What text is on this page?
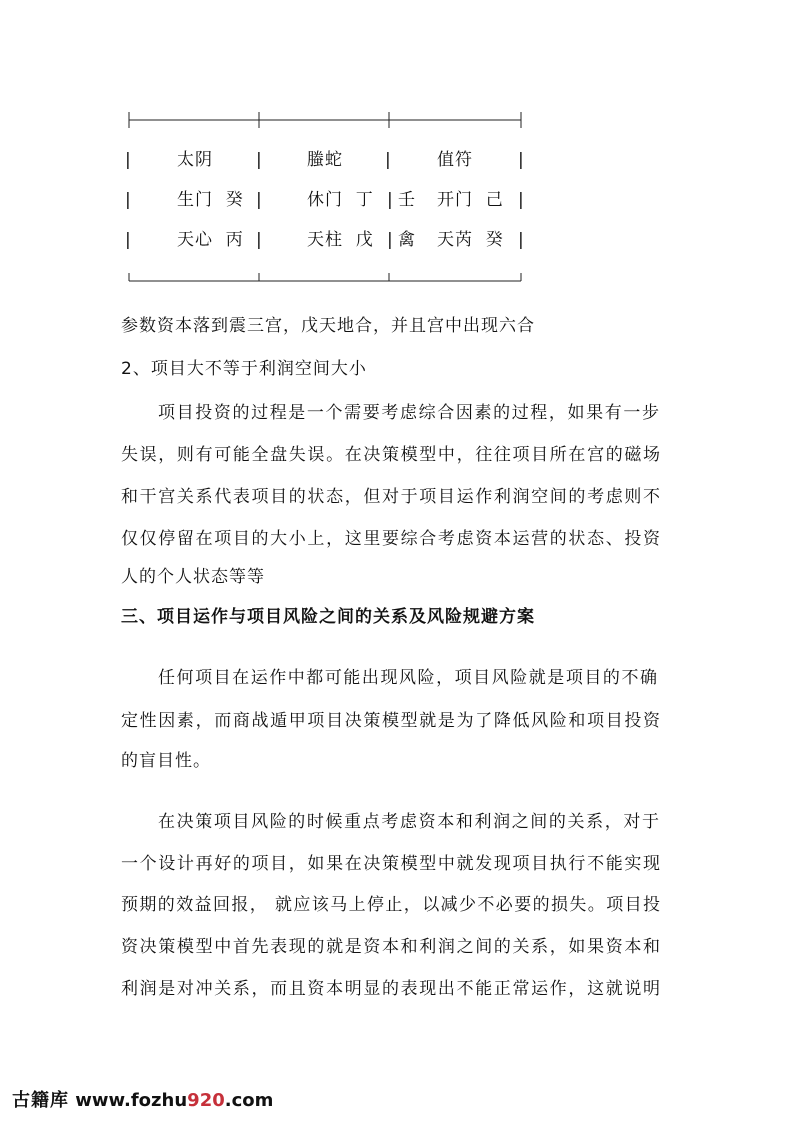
|	太阴	|	螣蛇 |	值符	|
|	生门  癸 |	休门  丁 | 壬 开门  己 |
|	天心  丙 |	天柱  戊 | 禽 天芮  癸 |
参数资本落到震三宫，戊天地合，并且宫中出现六合
2、项目大不等于利润空间大小
项目投资的过程是一个需要考虑综合因素的过程，如果有一步
失误，则有可能全盘失误。在决策模型中，往往项目所在宫的磁场
和干宫关系代表项目的状态，但对于项目运作利润空间的考虑则不
仅仅停留在项目的大小上，这里要综合考虑资本运营的状态、投资
人的个人状态等等
三、项目运作与项目风险之间的关系及风险规避方案
任何项目在运作中都可能出现风险，项目风险就是项目的不确
定性因素，而商战遁甲项目决策模型就是为了降低风险和项目投资
的盲目性。
在决策项目风险的时候重点考虑资本和利润之间的关系，对于
一个设计再好的项目，如果在决策模型中就发现项目执行不能实现
预期的效益回报， 就应该马上停止，以减少不必要的损失。项目投
资决策模型中首先表现的就是资本和利润之间的关系，如果资本和
利润是对冲关系，而且资本明显的表现出不能正常运作，这就说明
古籍库 www.fozhu920.com
